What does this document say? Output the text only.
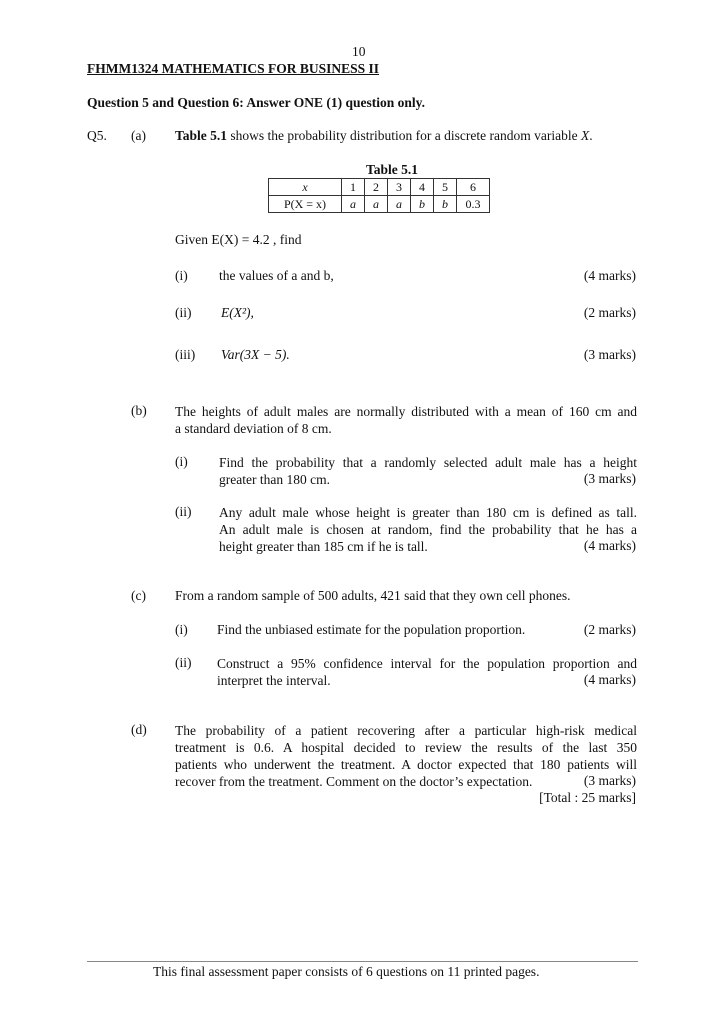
10
FHMM1324 MATHEMATICS FOR BUSINESS II
Question 5 and Question 6: Answer ONE (1) question only.
Q5. (a) Table 5.1 shows the probability distribution for a discrete random variable X.
Table 5.1
x	1	2	3	4	5	6
P(X = x)	a	a	a	b	b	0.3
Given E(X) = 4.2 , find
(i) the values of a and b,	(4 marks)
(ii) E(X²),	(2 marks)
(iii) Var(3X − 5).	(3 marks)
(b) The heights of adult males are normally distributed with a mean of 160 cm and
a standard deviation of 8 cm.
(i) Find the probability that a randomly selected adult male has a height
greater than 180 cm.	(3 marks)
(ii) Any adult male whose height is greater than 180 cm is defined as tall.
An adult male is chosen at random, find the probability that he has a
height greater than 185 cm if he is tall.	(4 marks)
(c) From a random sample of 500 adults, 421 said that they own cell phones.
(i) Find the unbiased estimate for the population proportion.	(2 marks)
(ii) Construct a 95% confidence interval for the population proportion and
interpret the interval.	(4 marks)
(d) The probability of a patient recovering after a particular high-risk medical
treatment is 0.6. A hospital decided to review the results of the last 350
patients who underwent the treatment. A doctor expected that 180 patients will
recover from the treatment. Comment on the doctor’s expectation.	(3 marks)
[Total : 25 marks]
This final assessment paper consists of 6 questions on 11 printed pages.
